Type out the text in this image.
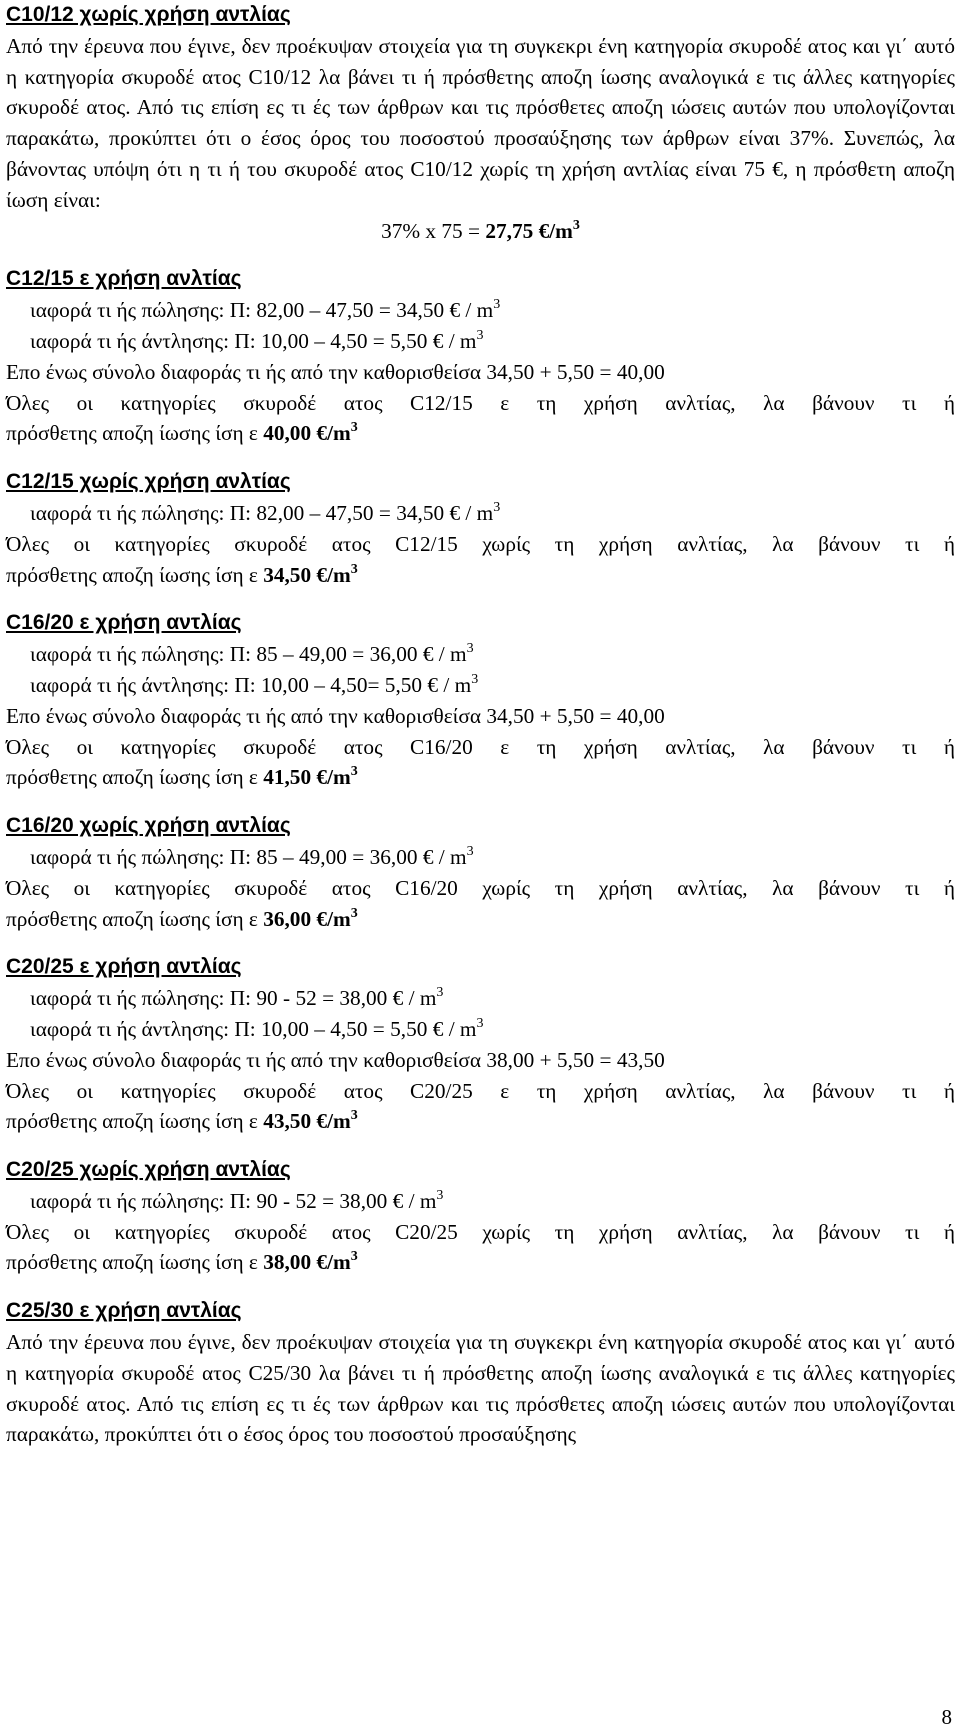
C10/12 χωρίς χρήση αντλίας
Από την έρευνα που έγινε, δεν προέκυψαν στοιχεία για τη συγκεκρι ένη κατηγορία σκυροδέ ατος και γι΄ αυτό η κατηγορία σκυροδέ ατος C10/12 λα βάνει τι ή πρόσθετης αποζη ίωσης αναλογικά ε τις άλλες κατηγορίες σκυροδέ ατος. Από τις επίση ες τι ές των άρθρων και τις πρόσθετες αποζη ιώσεις αυτών που υπολογίζονται παρακάτω, προκύπτει ότι ο έσος όρος του ποσοστού προσαύξησης των άρθρων είναι 37%. Συνεπώς, λα βάνοντας υπόψη ότι η τι ή του σκυροδέ ατος C10/12 χωρίς τη χρήση αντλίας είναι 75 €, η πρόσθετη αποζη ίωση είναι:
37% x 75 = 27,75 $€/m^3$
C12/15 ε χρήση ανλτίας
ιαφορά τι ής πώλησης: Π: 82,00 – 47,50 = 34,50 € / $m^3$
ιαφορά τι ής άντλησης: Π: 10,00 – 4,50 = 5,50 € / $m^3$
Επο ένως σύνολο διαφοράς τι ής από την καθορισθείσα 34,50 + 5,50 = 40,00
Όλες οι κατηγορίες σκυροδέ ατος C12/15 ε τη χρήση ανλτίας, λα βάνουν τι ή
πρόσθετης αποζη ίωσης ίση ε 40,00 $€/m^3$
C12/15 χωρίς χρήση ανλτίας
ιαφορά τι ής πώλησης: Π: 82,00 – 47,50 = 34,50 € / $m^3$
Όλες οι κατηγορίες σκυροδέ ατος C12/15 χωρίς τη χρήση ανλτίας, λα βάνουν τι ή
πρόσθετης αποζη ίωσης ίση ε 34,50 $€/m^3$
C16/20 ε χρήση αντλίας
ιαφορά τι ής πώλησης: Π: 85 – 49,00 = 36,00 € / $m^3$
ιαφορά τι ής άντλησης: Π: 10,00 – 4,50= 5,50 € / $m^3$
Επο ένως σύνολο διαφοράς τι ής από την καθορισθείσα 34,50 + 5,50 = 40,00
Όλες οι κατηγορίες σκυροδέ ατος C16/20 ε τη χρήση ανλτίας, λα βάνουν τι ή
πρόσθετης αποζη ίωσης ίση ε 41,50 $€/m^3$
C16/20 χωρίς χρήση αντλίας
ιαφορά τι ής πώλησης: Π: 85 – 49,00 = 36,00 € / $m^3$
Όλες οι κατηγορίες σκυροδέ ατος C16/20 χωρίς τη χρήση ανλτίας, λα βάνουν τι ή
πρόσθετης αποζη ίωσης ίση ε 36,00 $€/m^3$
C20/25 ε χρήση αντλίας
ιαφορά τι ής πώλησης: Π: 90 - 52 = 38,00 € / $m^3$
ιαφορά τι ής άντλησης: Π: 10,00 – 4,50 = 5,50 € / $m^3$
Επο ένως σύνολο διαφοράς τι ής από την καθορισθείσα 38,00 + 5,50 = 43,50
Όλες οι κατηγορίες σκυροδέ ατος C20/25 ε τη χρήση ανλτίας, λα βάνουν τι ή
πρόσθετης αποζη ίωσης ίση ε 43,50 $€/m^3$
C20/25 χωρίς χρήση αντλίας
ιαφορά τι ής πώλησης: Π: 90 - 52 = 38,00 € / $m^3$
Όλες οι κατηγορίες σκυροδέ ατος C20/25 χωρίς τη χρήση ανλτίας, λα βάνουν τι ή
πρόσθετης αποζη ίωσης ίση ε 38,00 $€/m^3$
C25/30 ε χρήση αντλίας
Από την έρευνα που έγινε, δεν προέκυψαν στοιχεία για τη συγκεκρι ένη κατηγορία σκυροδέ ατος και γι΄ αυτό η κατηγορία σκυροδέ ατος C25/30 λα βάνει τι ή πρόσθετης αποζη ίωσης αναλογικά ε τις άλλες κατηγορίες σκυροδέ ατος. Από τις επίση ες τι ές των άρθρων και τις πρόσθετες αποζη ιώσεις αυτών που υπολογίζονται παρακάτω, προκύπτει ότι ο έσος όρος του ποσοστού προσαύξησης
8
